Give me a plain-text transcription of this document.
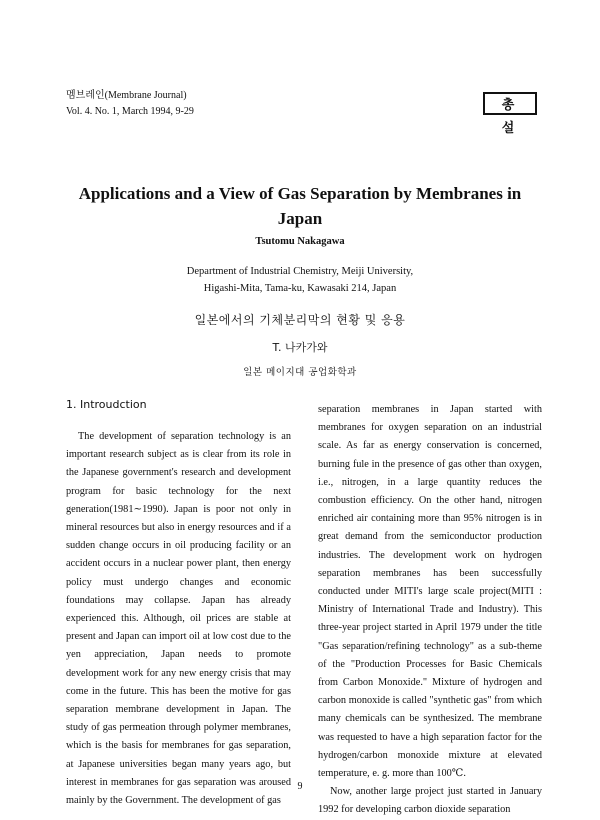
멤브레인(Membrane Journal)
Vol. 4. No. 1, March 1994, 9-29	총 설
Applications and a View of Gas Separation by Membranes in Japan
Tsutomu Nakagawa
Department of Industrial Chemistry, Meiji University,
Higashi-Mita, Tama-ku, Kawasaki 214, Japan
일본에서의 기체분리막의 현황 및 응용
T. 나카가와
일본 메이지대 공업화학과
1. Introudction

The development of separation technology is an important research subject as is clear from its role in the Japanese government's research and development program for basic technology for the next generation(1981∼1990). Japan is poor not only in mineral resources but also in energy resources and if a sudden change occurs in oil producing facility or an accident occurs in a nuclear power plant, then energy policy must undergo changes and economic foundations may collapse. Japan has already experienced this. Although, oil prices are stable at present and Japan can import oil at low cost due to the yen appreciation, Japan needs to promote development work for any new energy crisis that may come in the future. This has been the motive for gas separation membrane development in Japan. The study of gas permeation through polymer membranes, which is the basis for membranes for gas separation, at Japanese universities began many years ago, but interest in membranes for gas separation was aroused mainly by the Government. The development of gas

separation membranes in Japan started with membranes for oxygen separation on an industrial scale. As far as energy conservation is concerned, burning fule in the presence of gas other than oxygen, i.e., nitrogen, in a large quantity reduces the combustion efficiency. On the other hand, nitrogen enriched air containing more than 95% nitrogen is in great demand from the semiconductor production industries. The development work on hydrogen separation membranes has been successfully conducted under MITI's large scale project(MITI : Ministry of International Trade and Industry). This three-year project started in April 1979 under the title "Gas separation/refining technology" as a sub-theme of the "Production Processes for Basic Chemicals from Carbon Monoxide." Mixture of hydrogen and carbon monoxide is called "synthetic gas" from which many chemicals can be synthesized. The membrane was requested to have a high separation factor for the hydrogen/carbon monoxide mixture at elevated temperature, e. g. more than 100℃.

Now, another large project just started in January 1992 for developing carbon dioxide separation

9
